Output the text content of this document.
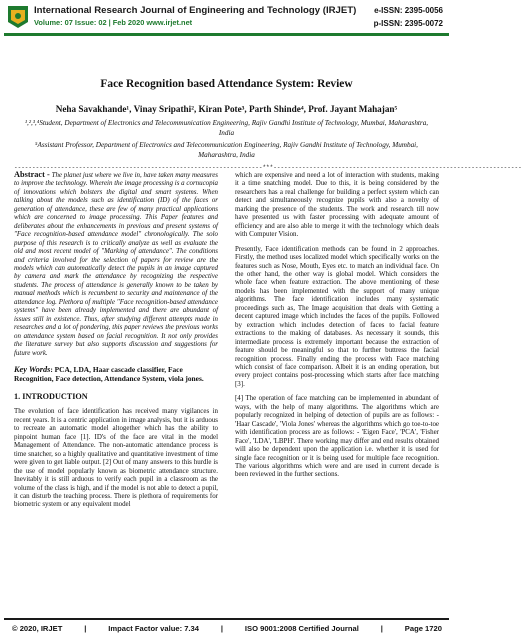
International Research Journal of Engineering and Technology (IRJET)
Volume: 07 Issue: 02 | Feb 2020 www.irjet.net
e-ISSN: 2395-0056
p-ISSN: 2395-0072
Face Recognition based Attendance System: Review
Neha Savakhande¹, Vinay Sripathi², Kiran Pote³, Parth Shinde⁴, Prof. Jayant Mahajan⁵
¹,²,³,⁴Student, Department of Electronics and Telecommunication Engineering, Rajiv Gandhi Institute of Technology, Mumbai, Maharashtra, India
⁵Assistant Professor, Department of Electronics and Telecommunication Engineering, Rajiv Gandhi Institute of Technology, Mumbai, Maharashtra, India
---------------------------------------------------------------------***---------------------------------------------------------------------
Abstract - The planet just where we live in, have taken many measures to improve the technology. Wherein the image processing is a cornucopia of innovations which bolsters the digital and smart systems. When talking about the models such as identification (ID) of the faces or generation of attendance, these are few of many practical applications which are concerned to image processing. This Paper features and deliberates about the enhancements in previous and present systems of "Face recognition-based attendance model" chronologically. The solo purpose of this research is to critically analyze as well as evaluate the old and most recent model of "Marking of attendance". The conditions and criteria involved for the selection of papers for review are the models which can automatically detect the pupils in an image captured by camera and mark the attendance by recognizing the respective students. The process of attendance is generally known to be taken by manual methods which is recumbent to security and maintenance of the attendance log. Plethora of multiple "Face recognition-based attendance systems" have been already implemented and there are abundant of issues still in existence. Thus, after studying different attempts made in researches and a lot of pondering, this paper reviews the previous works on attendance system based on facial recognition. It not only provides the literature survey but also supports discussion and suggestions for future work.
Key Words: PCA, LDA, Haar cascade classifier, Face Recognition, Face detection, Attendance System, viola jones.
1. INTRODUCTION
The evolution of face identification has received many vigilances in recent years. It is a centric application in image analysis, but it is arduous to recreate an automatic model altogether which has the ability to pinpoint human face [1]. ID's of the face are vital in the model Management of Attendance. The non-automatic attendance process is time snatcher, so a highly qualitative and quantitative investment of time were given to get liable output. [2] Out of many answers to this hurdle is the use of model popularly known as biometric attendance structure. Inevitably it is still arduous to verify each pupil in a classroom as the volume of the class is high, and if the model is not able to detect a pupil, it can disturb the teaching process. There is plethora of requirements for biometric system or any equivalent model
which are expensive and need a lot of interaction with students, making it a time snatching model. Due to this, it is being considered by the researchers has a real challenge for building a perfect system which can detect and simultaneously recognize pupils with also a novelty of marking the presence of the students. The work and research till now have presented us with faster processing with adequate amount of efficiency and are also able to merge it with the technology which deals with Computer Vision.
Presently, Face identification methods can be found in 2 approaches. Firstly, the method uses localized model which specifically works on the features such as Nose, Mouth, Eyes etc. to match an individual face. On the other hand, the other way is global model. Which considers the whole face when feature extraction. The above mentioning of these models has been implemented with the support of many unique algorithms. The face identification includes many systematic proceedings such as, The Image acquisition that deals with Getting a decent captured image which includes the faces of the pupils. Followed by extraction which includes detection of faces to facial feature extractions to the making of databases. As necessary it sounds, this intermediate process is extremely important because the extraction of feature should be meaningful so that to further buttress the facial recognition process. Finally ending the process with Face matching which consist of face comparison. Albeit it is an ending operation, but every project contains post-processing which starts after face matching [3].
[4] The operation of face matching can be implemented in abundant of ways, with the help of many algorithms. The algorithms which are popularly recognized in helping of detection of pupils are as follows: - 'Haar Cascade', 'Viola Jones' whereas the algorithms which go toe-to-toe with identification process are as follows: - 'Eigen Face', 'PCA', 'Fisher Face', 'LDA', 'LBPH'. There working may differ and end results obtained will also be dependent upon the application i.e. whether it is used for single face recognition or it is being used for multiple face recognition. The various algorithms which were and are used in current decade is been reviewed in the further sections.
© 2020, IRJET	|	Impact Factor value: 7.34	|	ISO 9001:2008 Certified Journal	|	Page 1720
